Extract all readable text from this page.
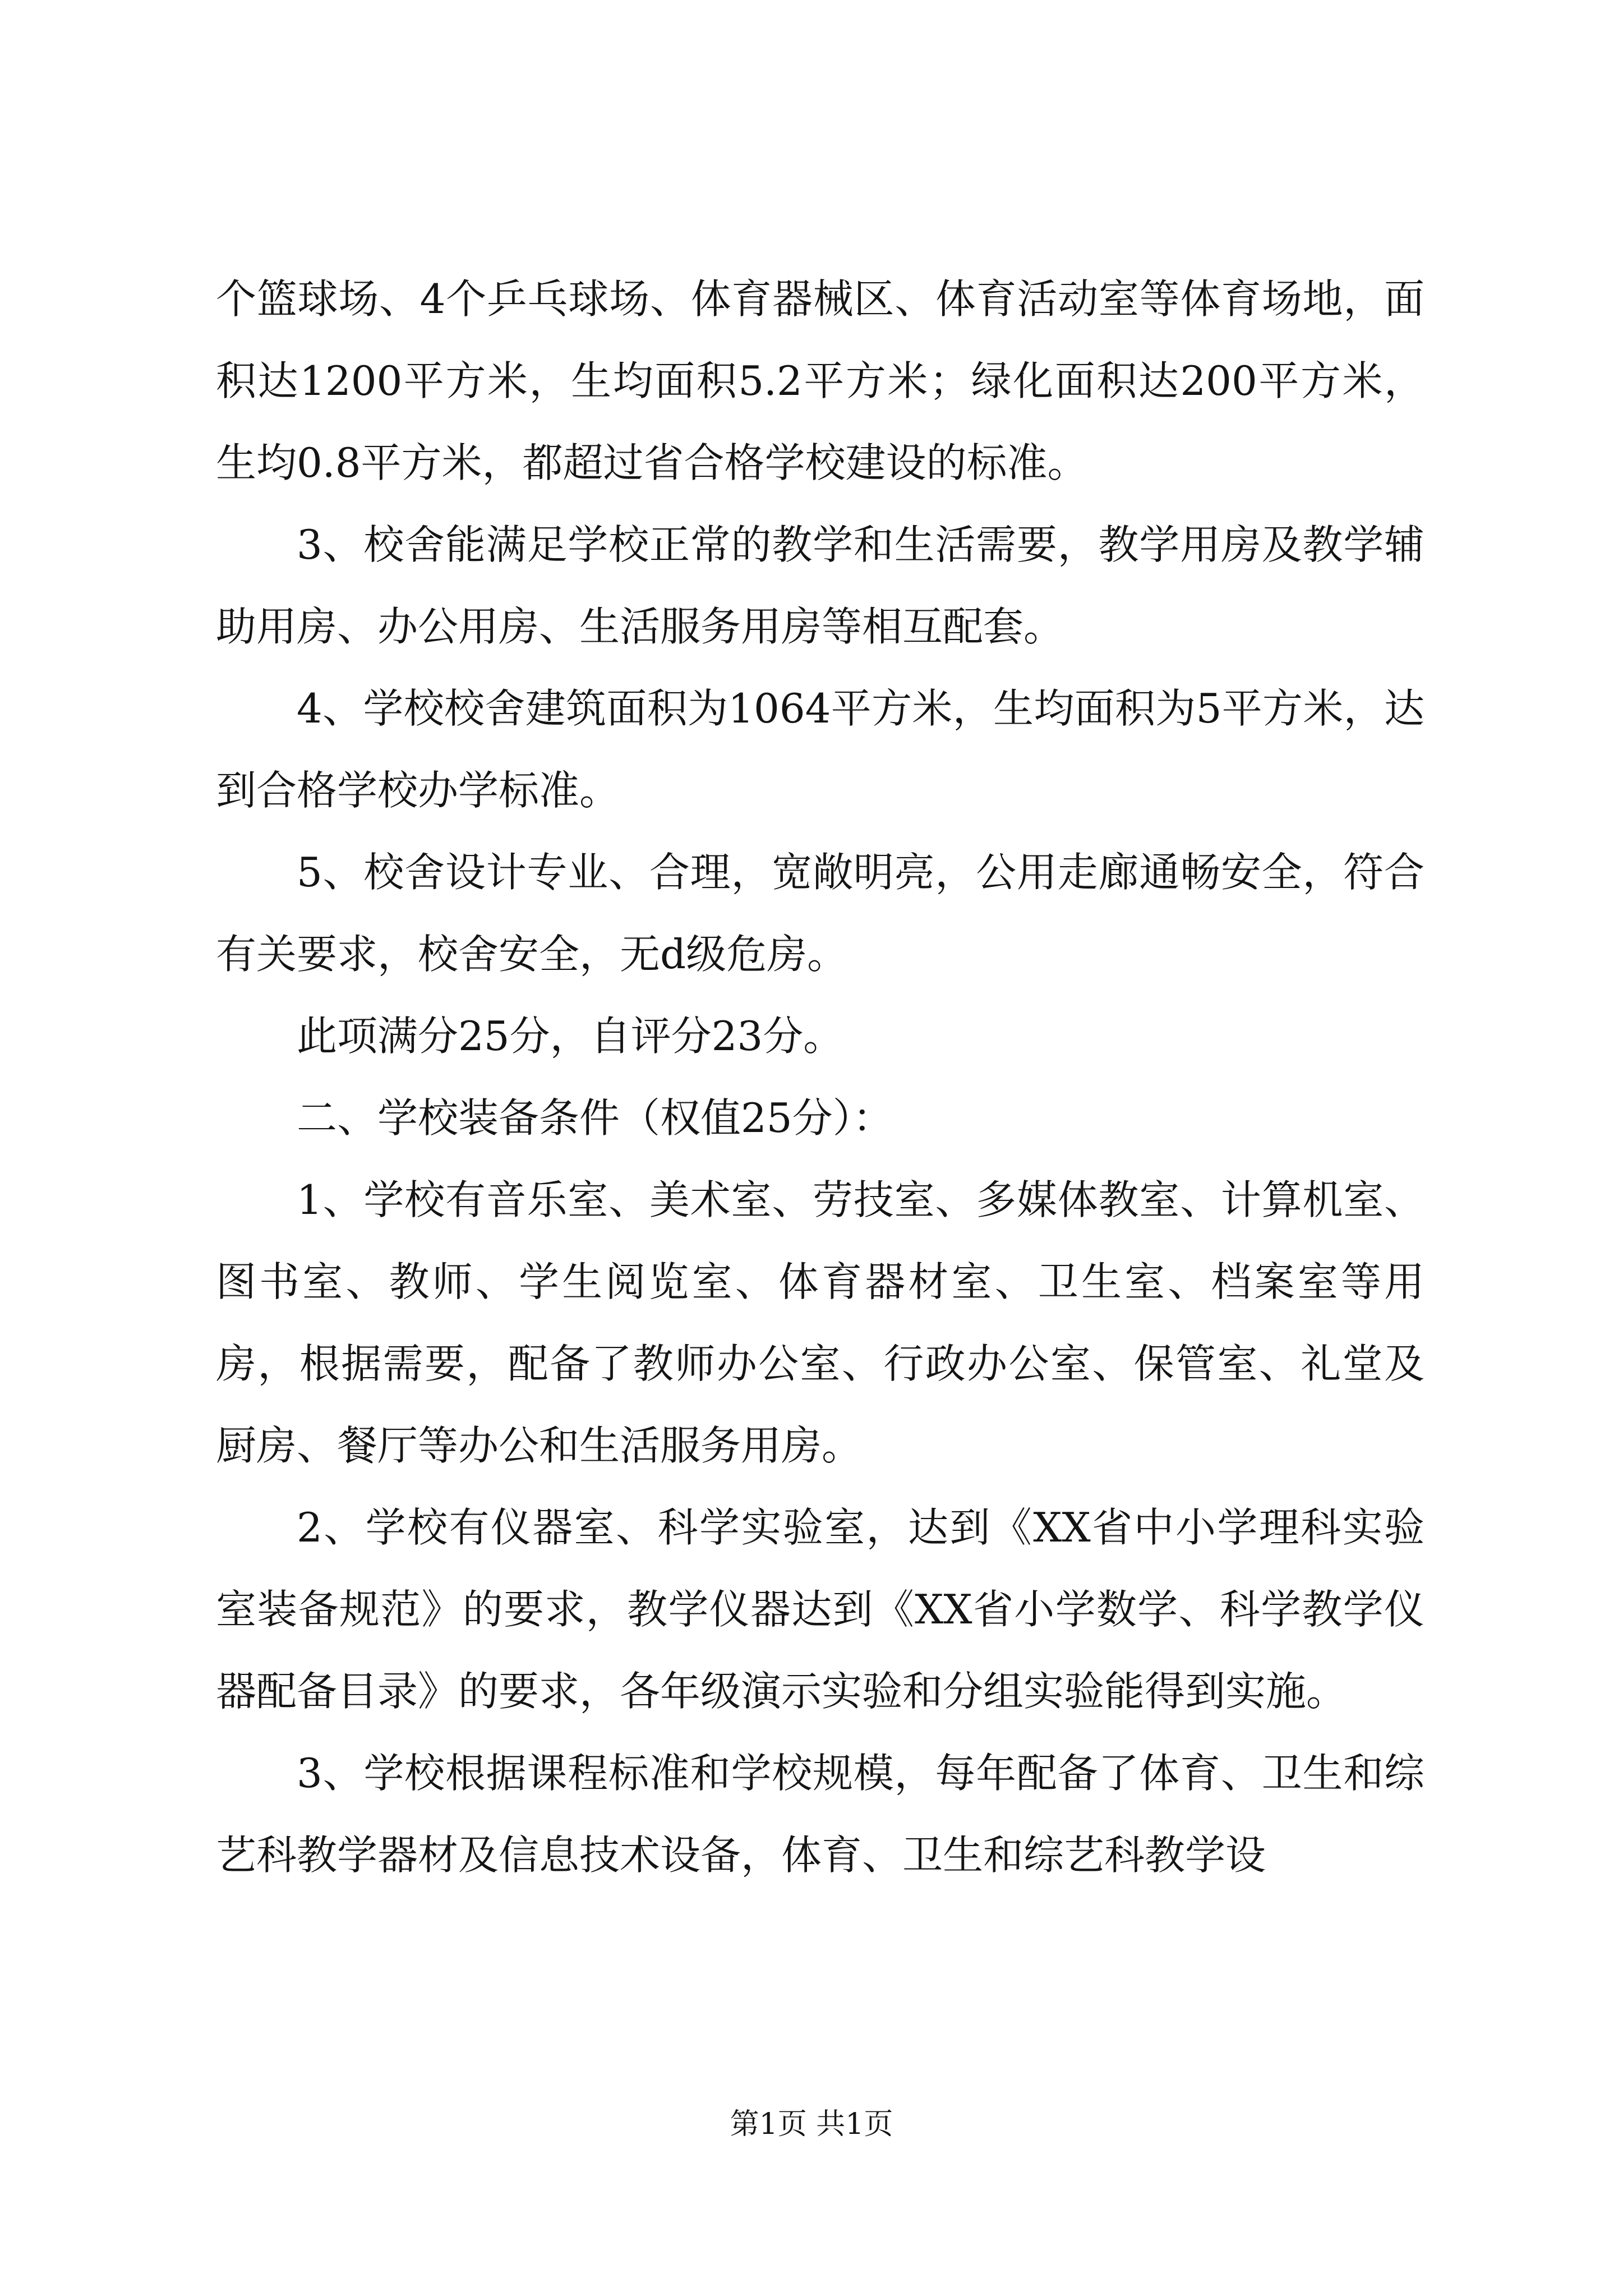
个篮球场、4个乒乓球场、体育器械区、体育活动室等体育场地，面积达1200平方米，生均面积5.2平方米；绿化面积达200平方米，生均0.8平方米，都超过省合格学校建设的标准。

3、校舍能满足学校正常的教学和生活需要，教学用房及教学辅助用房、办公用房、生活服务用房等相互配套。

4、学校校舍建筑面积为1064平方米，生均面积为5平方米，达到合格学校办学标准。

5、校舍设计专业、合理，宽敞明亮，公用走廊通畅安全，符合有关要求，校舍安全，无d级危房。

此项满分25分，自评分23分。

二、学校装备条件（权值25分）：

1、学校有音乐室、美术室、劳技室、多媒体教室、计算机室、图书室、教师、学生阅览室、体育器材室、卫生室、档案室等用房，根据需要，配备了教师办公室、行政办公室、保管室、礼堂及厨房、餐厅等办公和生活服务用房。

2、学校有仪器室、科学实验室，达到《XX省中小学理科实验室装备规范》的要求，教学仪器达到《XX省小学数学、科学教学仪器配备目录》的要求，各年级演示实验和分组实验能得到实施。

3、学校根据课程标准和学校规模，每年配备了体育、卫生和综艺科教学器材及信息技术设备，体育、卫生和综艺科教学设

第1页 共1页
